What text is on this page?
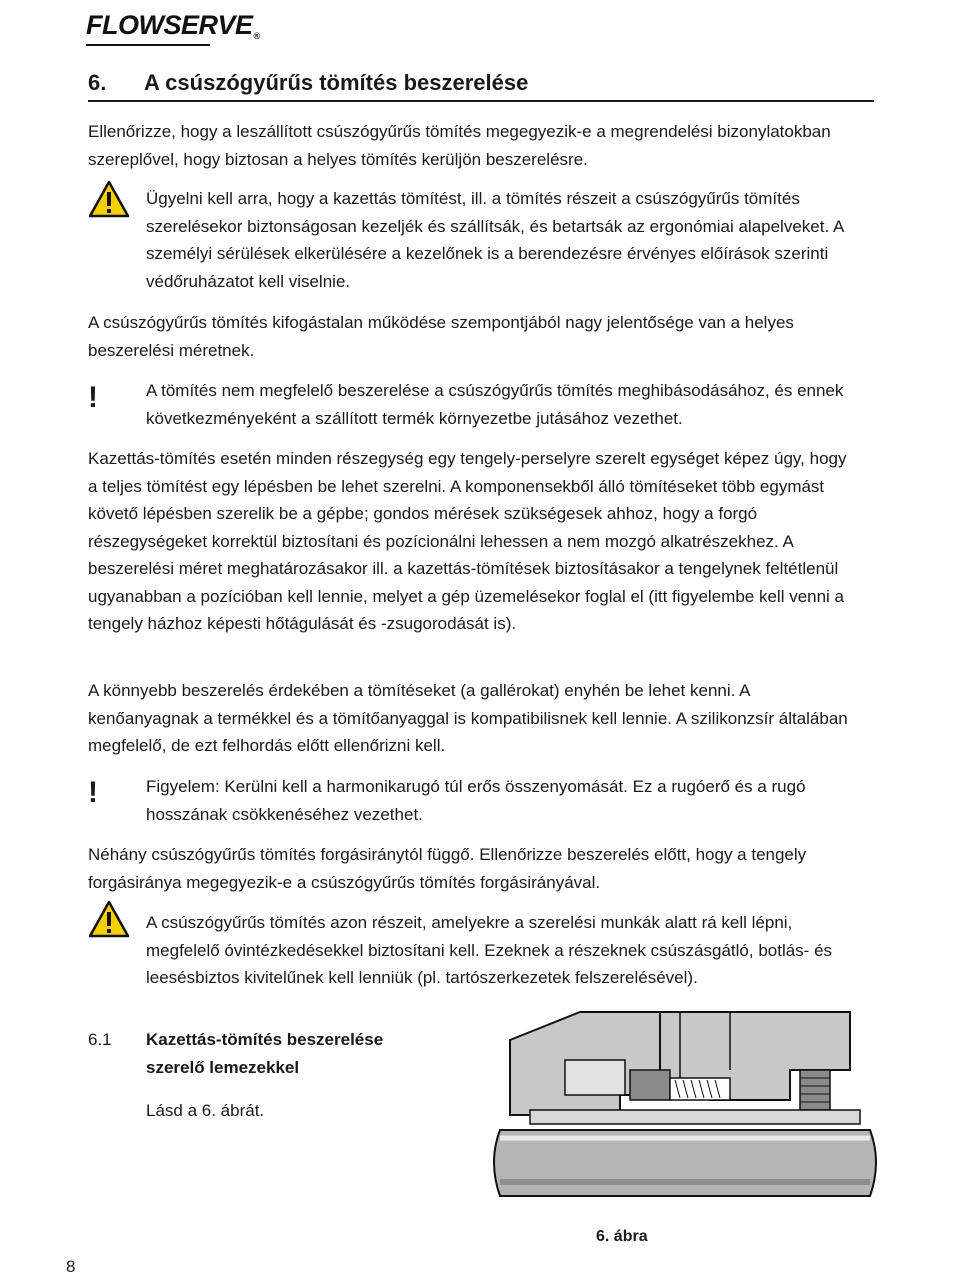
FLOWSERVE®
6. A csúszógyűrűs tömítés beszerelése

Ellenőrizze, hogy a leszállított csúszógyűrűs tömítés megegyezik-e a megrendelési bizonylatokban szereplővel, hogy biztosan a helyes tömítés kerüljön beszerelésre.

Ügyelni kell arra, hogy a kazettás tömítést, ill. a tömítés részeit a csúszógyűrűs tömítés szerelésekor biztonságosan kezeljék és szállítsák, és betartsák az ergonómiai alapelveket. A személyi sérülések elkerülésére a kezelőnek is a berendezésre érvényes előírások szerinti védőruházatot kell viselnie.

A csúszógyűrűs tömítés kifogástalan működése szempontjából nagy jelentősége van a helyes beszerelési méretnek.

!	A tömítés nem megfelelő beszerelése a csúszógyűrűs tömítés meghibásodásához, és ennek következményeként a szállított termék környezetbe jutásához vezethet.

Kazettás-tömítés esetén minden részegység egy tengely-perselyre szerelt egységet képez úgy, hogy a teljes tömítést egy lépésben be lehet szerelni. A komponensekből álló tömítéseket több egymást követő lépésben szerelik be a gépbe; gondos mérések szükségesek ahhoz, hogy a forgó részegységeket korrektül biztosítani és pozícionálni lehessen a nem mozgó alkatrészekhez. A beszerelési méret meghatározásakor ill. a kazettás-tömítések biztosításakor a tengelynek feltétlenül ugyanabban a pozícióban kell lennie, melyet a gép üzemelésekor foglal el (itt figyelembe kell venni a tengely házhoz képesti hőtágulását és -zsugorodását is).

A könnyebb beszerelés érdekében a tömítéseket (a gallérokat) enyhén be lehet kenni. A kenőanyagnak a termékkel és a tömítőanyaggal is kompatibilisnek kell lennie. A szilikonzsír általában megfelelő, de ezt felhordás előtt ellenőrizni kell.

!	Figyelem: Kerülni kell a harmonikarugó túl erős összenyomását. Ez a rugóerő és a rugó hosszának csökkenéséhez vezethet.

Néhány csúszógyűrűs tömítés forgásiránytól függő. Ellenőrizze beszerelés előtt, hogy a tengely forgásiránya megegyezik-e a csúszógyűrűs tömítés forgásirányával.

A csúszógyűrűs tömítés azon részeit, amelyekre a szerelési munkák alatt rá kell lépni, megfelelő óvintézkedésekkel biztosítani kell. Ezeknek a részeknek csúszásgátló, botlás- és leesésbiztos kivitelűnek kell lenniük (pl. tartószerkezetek felszerelésével).

6.1 Kazettás-tömítés beszerelése
szerelő lemezekkel

Lásd a 6. ábrát.

6. ábra
8
